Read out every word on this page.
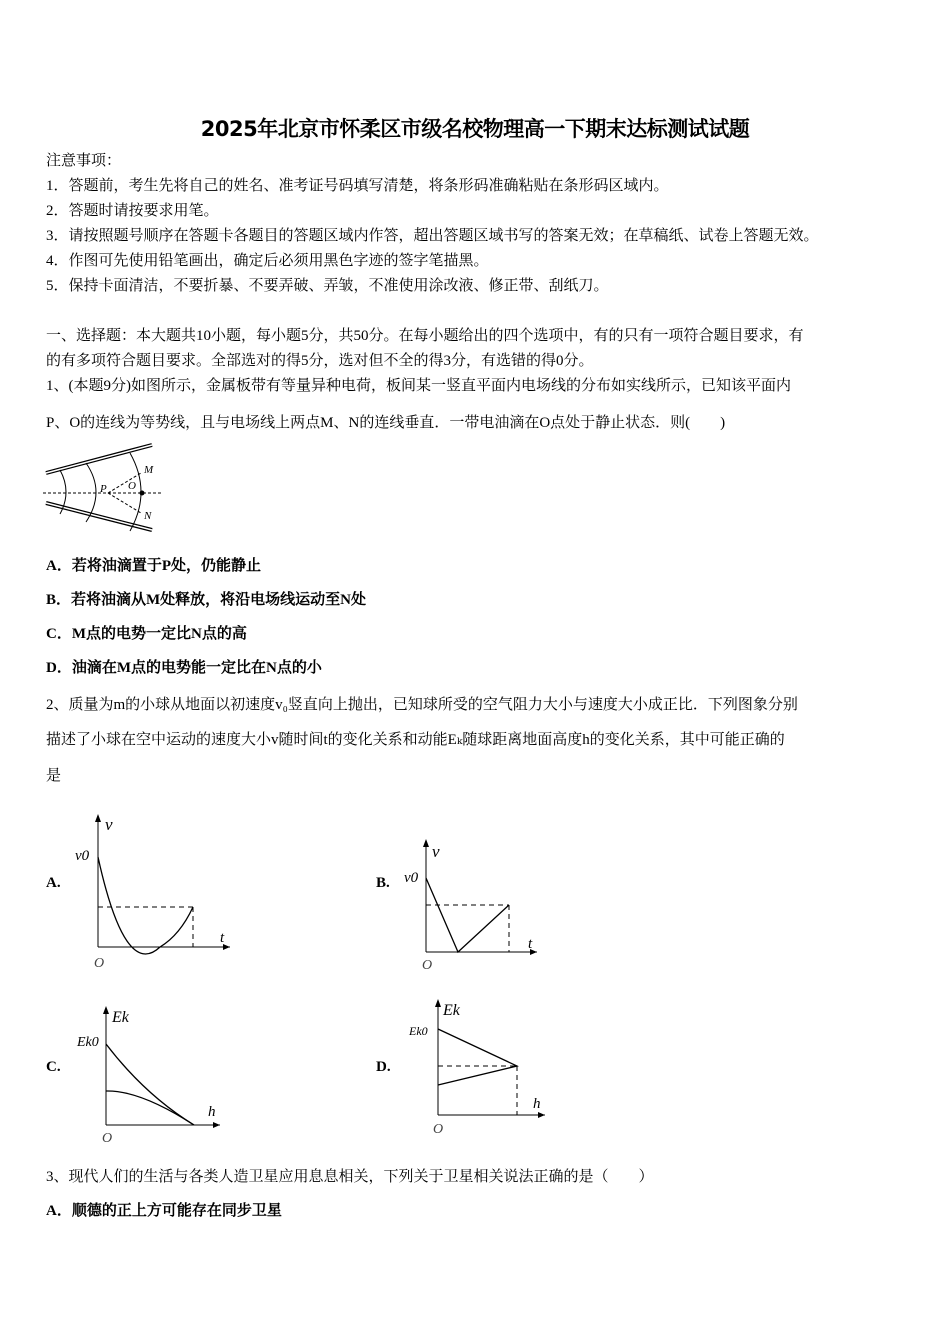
2025年北京市怀柔区市级名校物理高一下期末达标测试试题
注意事项：
1．答题前，考生先将自己的姓名、准考证号码填写清楚，将条形码准确粘贴在条形码区域内。
2．答题时请按要求用笔。
3．请按照题号顺序在答题卡各题目的答题区域内作答，超出答题区域书写的答案无效；在草稿纸、试卷上答题无效。
4．作图可先使用铅笔画出，确定后必须用黑色字迹的签字笔描黑。
5．保持卡面清洁，不要折暴、不要弄破、弄皱，不准使用涂改液、修正带、刮纸刀。
一、选择题：本大题共10小题，每小题5分，共50分。在每小题给出的四个选项中，有的只有一项符合题目要求，有
的有多项符合题目要求。全部选对的得5分，选对但不全的得3分，有选错的得0分。
1、(本题9分)如图所示，金属板带有等量异种电荷，板间某一竖直平面内电场线的分布如实线所示，已知该平面内
P、O的连线为等势线，且与电场线上两点M、N的连线垂直．一带电油滴在O点处于静止状态．则(　　)
P O
M
N
A．若将油滴置于P处，仍能静止
B．若将油滴从M处释放，将沿电场线运动至N处
C．M点的电势一定比N点的高
D．油滴在M点的电势能一定比在N点的小
2、质量为m的小球从地面以初速度v₀竖直向上抛出，已知球所受的空气阻力大小与速度大小成正比．下列图象分别
描述了小球在空中运动的速度大小v随时间t的变化关系和动能Eₖ随球距离地面高度h的变化关系，其中可能正确的
是
A.
v
v0
t
O
B.
v
v0
t
O
C.
Ek
Ek0
h
O
D.
Ek
Ek0
h
O
3、现代人们的生活与各类人造卫星应用息息相关，下列关于卫星相关说法正确的是（　　）
A．顺德的正上方可能存在同步卫星
